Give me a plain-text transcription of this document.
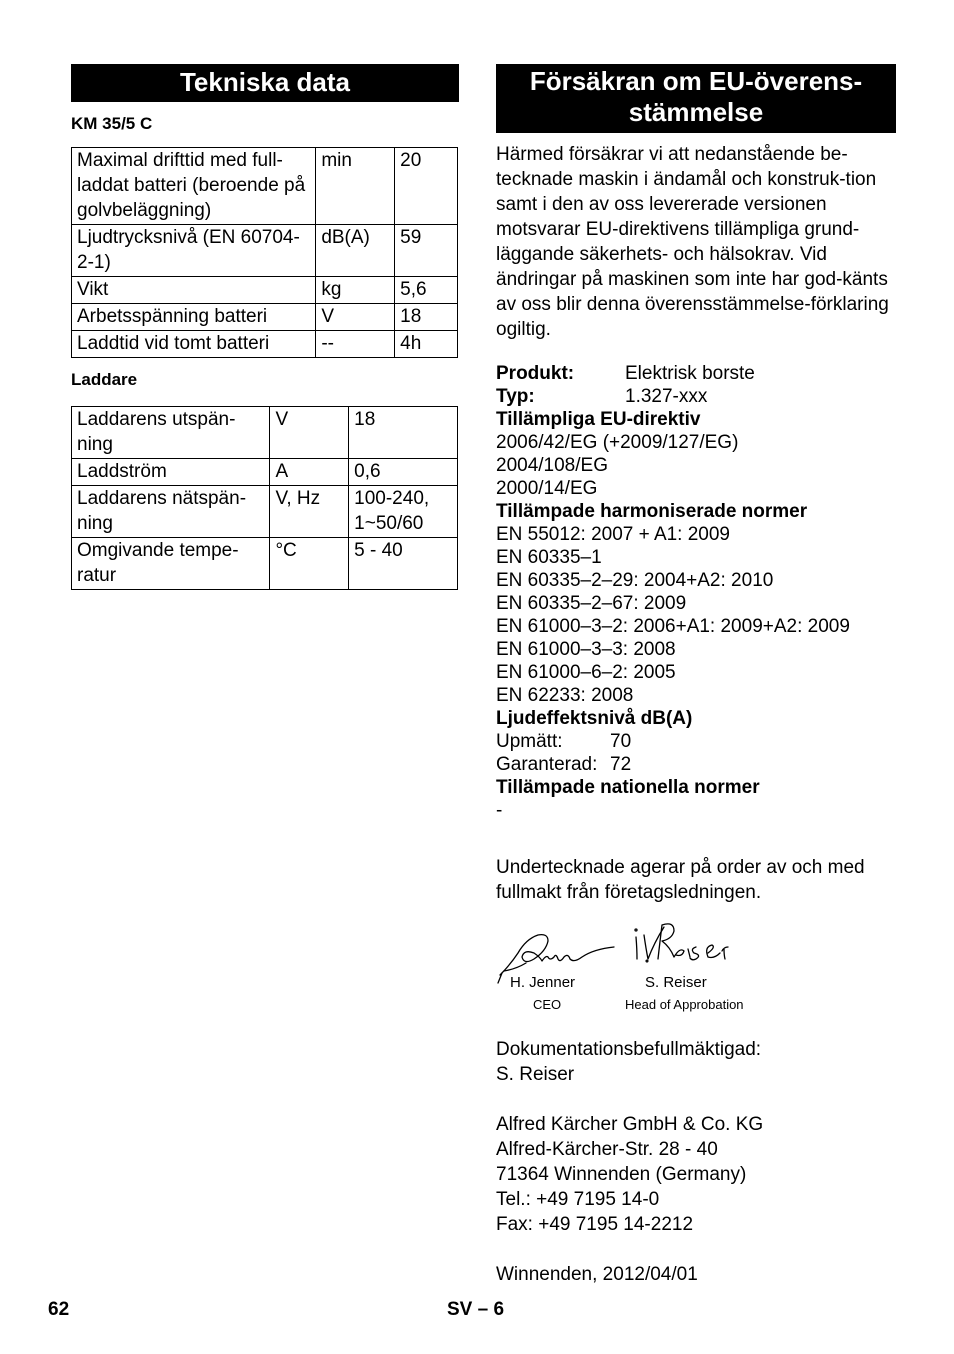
Tekniska data
KM 35/5 C
Maximal drifttid med full-laddat batteri (beroende på golvbeläggning)	min	20
Ljudtrycksnivå (EN 60704-2-1)	dB(A)	59
Vikt	kg	5,6
Arbetsspänning batteri	V	18
Laddtid vid tomt batteri	--	4h
Laddare
Laddarens utspän-ning	V	18
Laddström	A	0,6
Laddarens nätspän-ning	V, Hz	100-240, 1~50/60
Omgivande tempe-ratur	°C	5 - 40
Försäkran om EU-överens-stämmelse

Härmed försäkrar vi att nedanstående be-tecknade maskin i ändamål och konstruk-tion samt i den av oss levererade versionen motsvarar EU-direktivens tillämpliga grund-läggande säkerhets- och hälsokrav. Vid ändringar på maskinen som inte har god-känts av oss blir denna överensstämmelse-förklaring ogiltig.

Produkt:	Elektrisk borste
Typ:	1.327-xxx
Tillämpliga EU-direktiv
2006/42/EG (+2009/127/EG)
2004/108/EG
2000/14/EG
Tillämpade harmoniserade normer
EN 55012: 2007 + A1: 2009
EN 60335–1
EN 60335–2–29: 2004+A2: 2010
EN 60335–2–67: 2009
EN 61000–3–2: 2006+A1: 2009+A2: 2009
EN 61000–3–3: 2008
EN 61000–6–2: 2005
EN 62233: 2008
Ljudeffektsnivå dB(A)
Upmätt:	70
Garanterad: 72
Tillämpade nationella normer
-

Undertecknade agerar på order av och med fullmakt från företagsledningen.

H. Jenner
CEO
S. Reiser
Head of Approbation
Dokumentationsbefullmäktigad:
S. Reiser
Alfred Kärcher GmbH & Co. KG
Alfred-Kärcher-Str. 28 - 40
71364 Winnenden (Germany)
Tel.: +49 7195 14-0
Fax: +49 7195 14-2212
Winnenden, 2012/04/01
62	SV – 6
